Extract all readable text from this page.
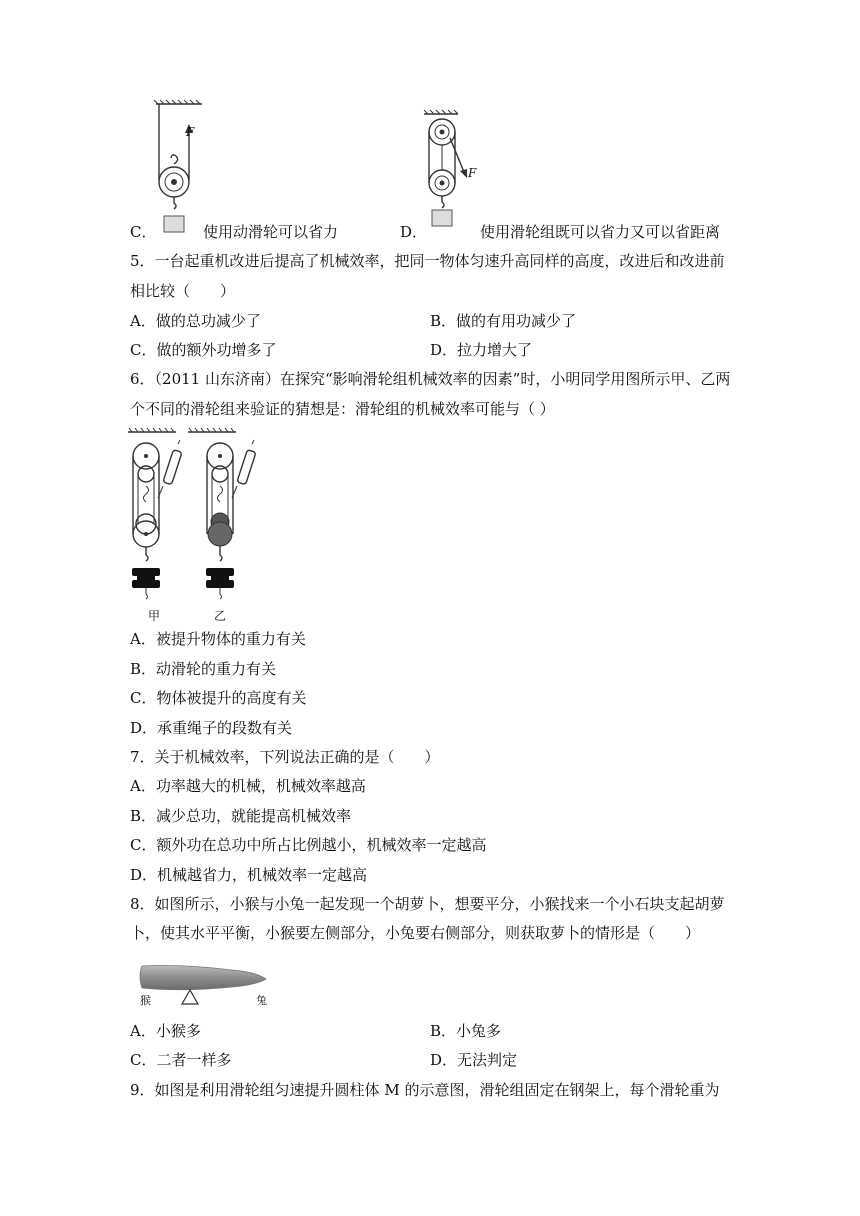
F
F
C．	使用动滑轮可以省力	D．	使用滑轮组既可以省力又可以省距离
5．一台起重机改进后提高了机械效率，把同一物体匀速升高同样的高度，改进后和改进前
相比较（　　）
A．做的总功减少了	B．做的有用功减少了
C．做的额外功增多了	D．拉力增大了
6．（2011 山东济南）在探究“影响滑轮组机械效率的因素”时，小明同学用图所示甲、乙两
个不同的滑轮组来验证的猜想是：滑轮组的机械效率可能与（ ）
甲	乙
A．被提升物体的重力有关
B．动滑轮的重力有关
C．物体被提升的高度有关
D．承重绳子的段数有关
7．关于机械效率，下列说法正确的是（　　）
A．功率越大的机械，机械效率越高
B．减少总功，就能提高机械效率
C．额外功在总功中所占比例越小，机械效率一定越高
D．机械越省力，机械效率一定越高
8．如图所示，小猴与小兔一起发现一个胡萝卜，想要平分，小猴找来一个小石块支起胡萝
卜，使其水平平衡，小猴要左侧部分，小兔要右侧部分，则获取萝卜的情形是（　　）
猴	兔
A．小猴多	B．小兔多
C．二者一样多	D．无法判定
9．如图是利用滑轮组匀速提升圆柱体 M 的示意图，滑轮组固定在钢架上，每个滑轮重为
